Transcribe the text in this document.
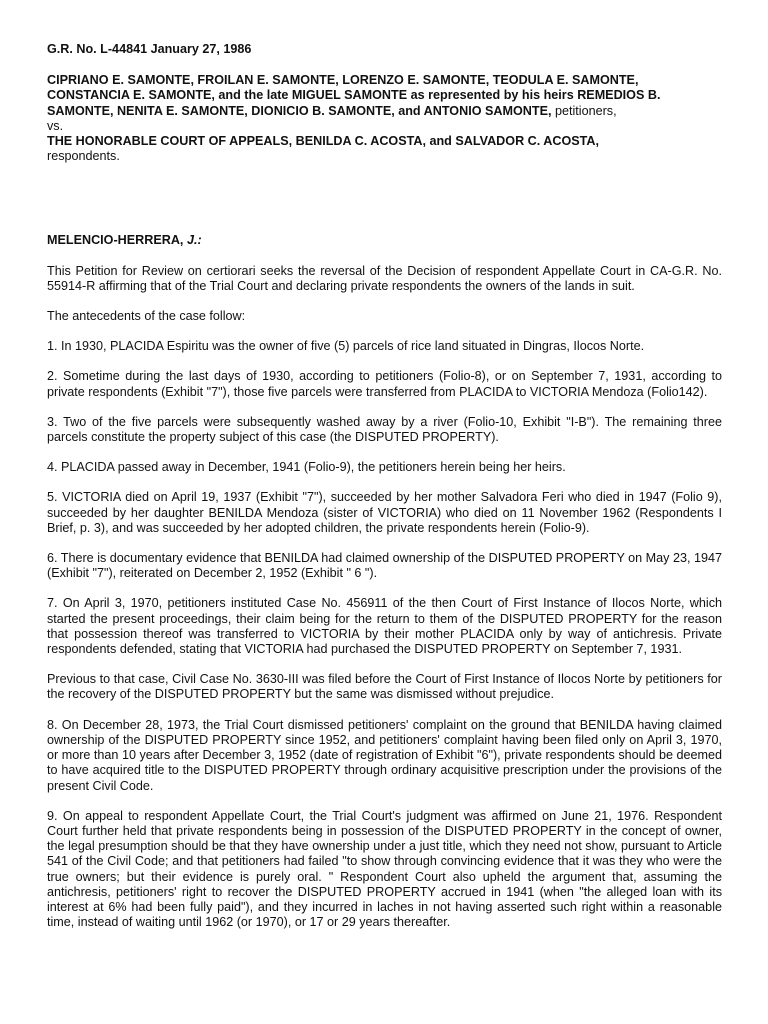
G.R. No. L-44841 January 27, 1986

CIPRIANO E. SAMONTE, FROILAN E. SAMONTE, LORENZO E. SAMONTE, TEODULA E. SAMONTE, CONSTANCIA E. SAMONTE, and the late MIGUEL SAMONTE as represented by his heirs REMEDIOS B. SAMONTE, NENITA E. SAMONTE, DIONICIO B. SAMONTE, and ANTONIO SAMONTE, petitioners,
vs.
THE HONORABLE COURT OF APPEALS, BENILDA C. ACOSTA, and SALVADOR C. ACOSTA,
respondents.

MELENCIO-HERRERA, J.:

This Petition for Review on certiorari seeks the reversal of the Decision of respondent Appellate Court in CA-G.R. No. 55914-R affirming that of the Trial Court and declaring private respondents the owners of the lands in suit.

The antecedents of the case follow:

1. In 1930, PLACIDA Espiritu was the owner of five (5) parcels of rice land situated in Dingras, Ilocos Norte.

2. Sometime during the last days of 1930, according to petitioners (Folio-8), or on September 7, 1931, according to private respondents (Exhibit "7"), those five parcels were transferred from PLACIDA to VICTORIA Mendoza (Folio142).

3. Two of the five parcels were subsequently washed away by a river (Folio-10, Exhibit "I-B"). The remaining three parcels constitute the property subject of this case (the DISPUTED PROPERTY).

4. PLACIDA passed away in December, 1941 (Folio-9), the petitioners herein being her heirs.

5. VICTORIA died on April 19, 1937 (Exhibit "7"), succeeded by her mother Salvadora Feri who died in 1947 (Folio 9), succeeded by her daughter BENILDA Mendoza (sister of VICTORIA) who died on 11 November 1962 (Respondents I Brief, p. 3), and was succeeded by her adopted children, the private respondents herein (Folio-9).

6. There is documentary evidence that BENILDA had claimed ownership of the DISPUTED PROPERTY on May 23, 1947 (Exhibit "7"), reiterated on December 2, 1952 (Exhibit " 6 ").

7. On April 3, 1970, petitioners instituted Case No. 456911 of the then Court of First Instance of Ilocos Norte, which started the present proceedings, their claim being for the return to them of the DISPUTED PROPERTY for the reason that possession thereof was transferred to VICTORIA by their mother PLACIDA only by way of antichresis. Private respondents defended, stating that VICTORIA had purchased the DISPUTED PROPERTY on September 7, 1931.

Previous to that case, Civil Case No. 3630-III was filed before the Court of First Instance of Ilocos Norte by petitioners for the recovery of the DISPUTED PROPERTY but the same was dismissed without prejudice.

8. On December 28, 1973, the Trial Court dismissed petitioners' complaint on the ground that BENILDA having claimed ownership of the DISPUTED PROPERTY since 1952, and petitioners' complaint having been filed only on April 3, 1970, or more than 10 years after December 3, 1952 (date of registration of Exhibit "6"), private respondents should be deemed to have acquired title to the DISPUTED PROPERTY through ordinary acquisitive prescription under the provisions of the present Civil Code.

9. On appeal to respondent Appellate Court, the Trial Court's judgment was affirmed on June 21, 1976. Respondent Court further held that private respondents being in possession of the DISPUTED PROPERTY in the concept of owner, the legal presumption should be that they have ownership under a just title, which they need not show, pursuant to Article 541 of the Civil Code; and that petitioners had failed "to show through convincing evidence that it was they who were the true owners; but their evidence is purely oral. " Respondent Court also upheld the argument that, assuming the antichresis, petitioners' right to recover the DISPUTED PROPERTY accrued in 1941 (when "the alleged loan with its interest at 6% had been fully paid"), and they incurred in laches in not having asserted such right within a reasonable time, instead of waiting until 1962 (or 1970), or 17 or 29 years thereafter.
